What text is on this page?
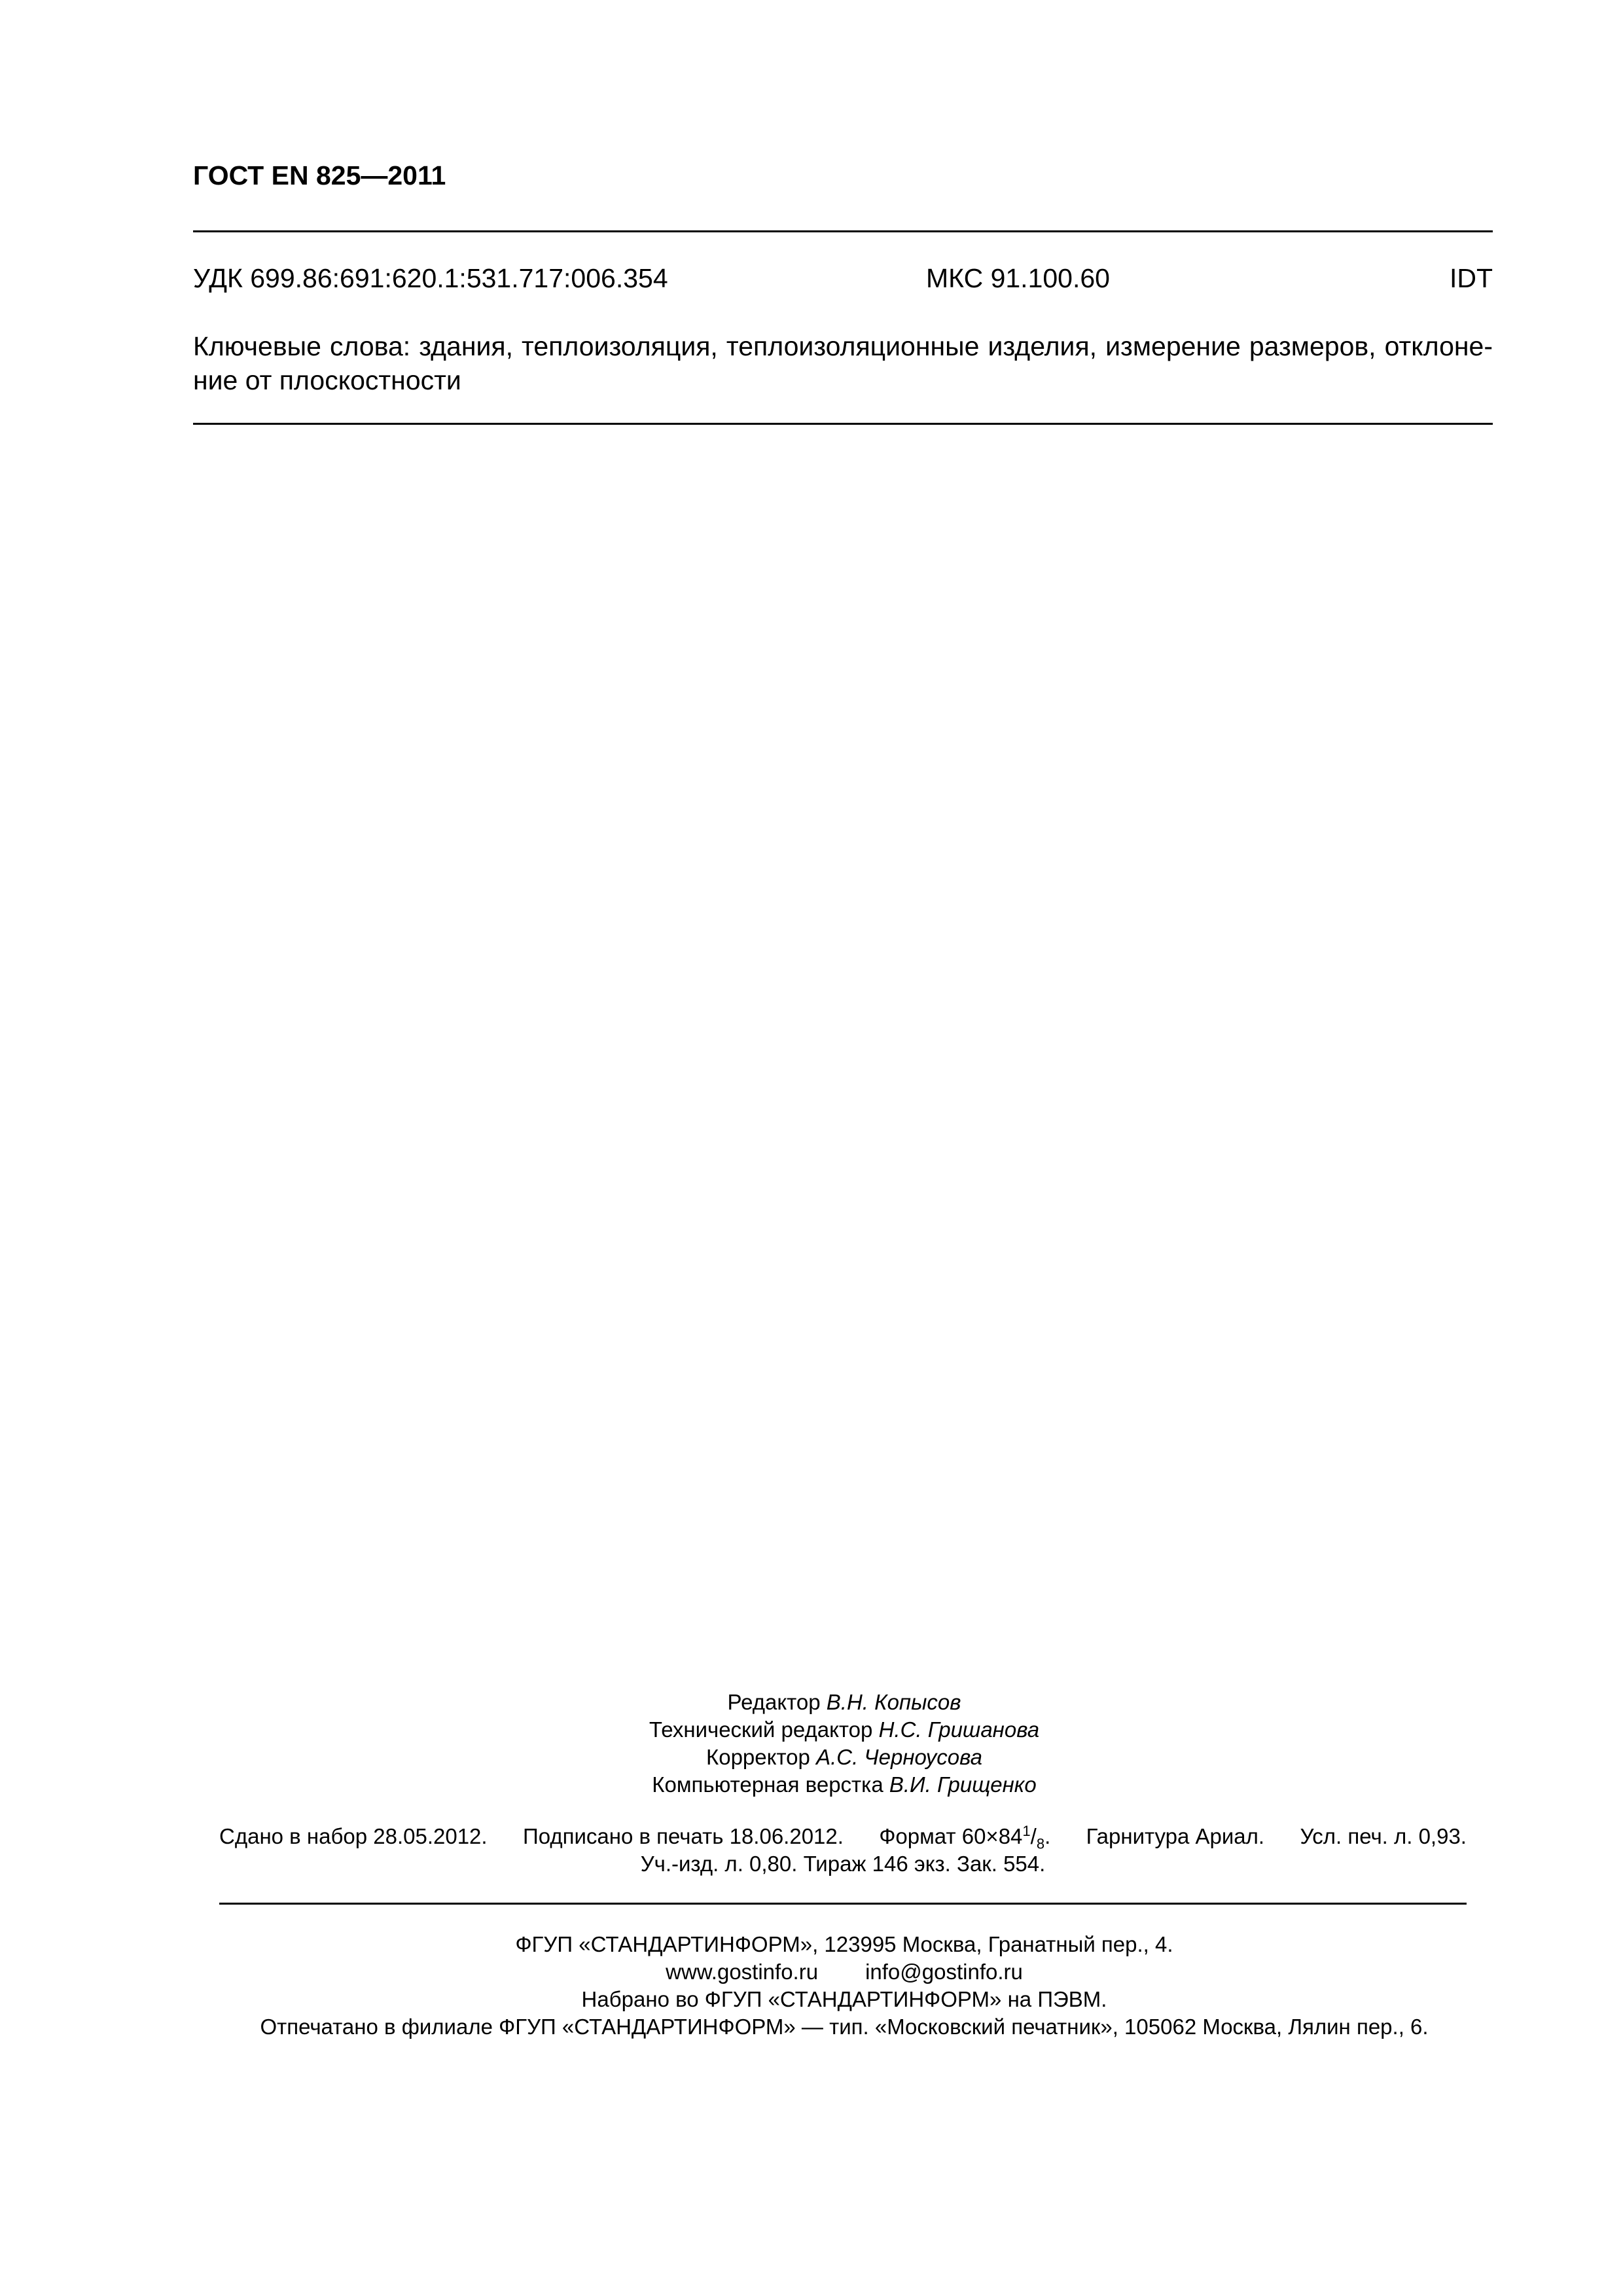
ГОСТ EN 825—2011
УДК 699.86:691:620.1:531.717:006.354	МКС 91.100.60	IDT
Ключевые слова: здания, теплоизоляция, теплоизоляционные изделия, измерение размеров, отклоне-
ние от плоскостности
Редактор В.Н. Копысов
Технический редактор Н.С. Гришанова
Корректор А.С. Черноусова
Компьютерная верстка В.И. Грищенко
Сдано в набор 28.05.2012. Подписано в печать 18.06.2012. Формат $60\times 84^1/_8$. Гарнитура Ариал. Усл. печ. л. 0,93.
Уч.-изд. л. 0,80. Тираж 146 экз. Зак. 554.
ФГУП «СТАНДАРТИНФОРМ», 123995 Москва, Гранатный пер., 4.
www.gostinfo.ru info@gostinfo.ru
Набрано во ФГУП «СТАНДАРТИНФОРМ» на ПЭВМ.
Отпечатано в филиале ФГУП «СТАНДАРТИНФОРМ» — тип. «Московский печатник», 105062 Москва, Лялин пер., 6.
